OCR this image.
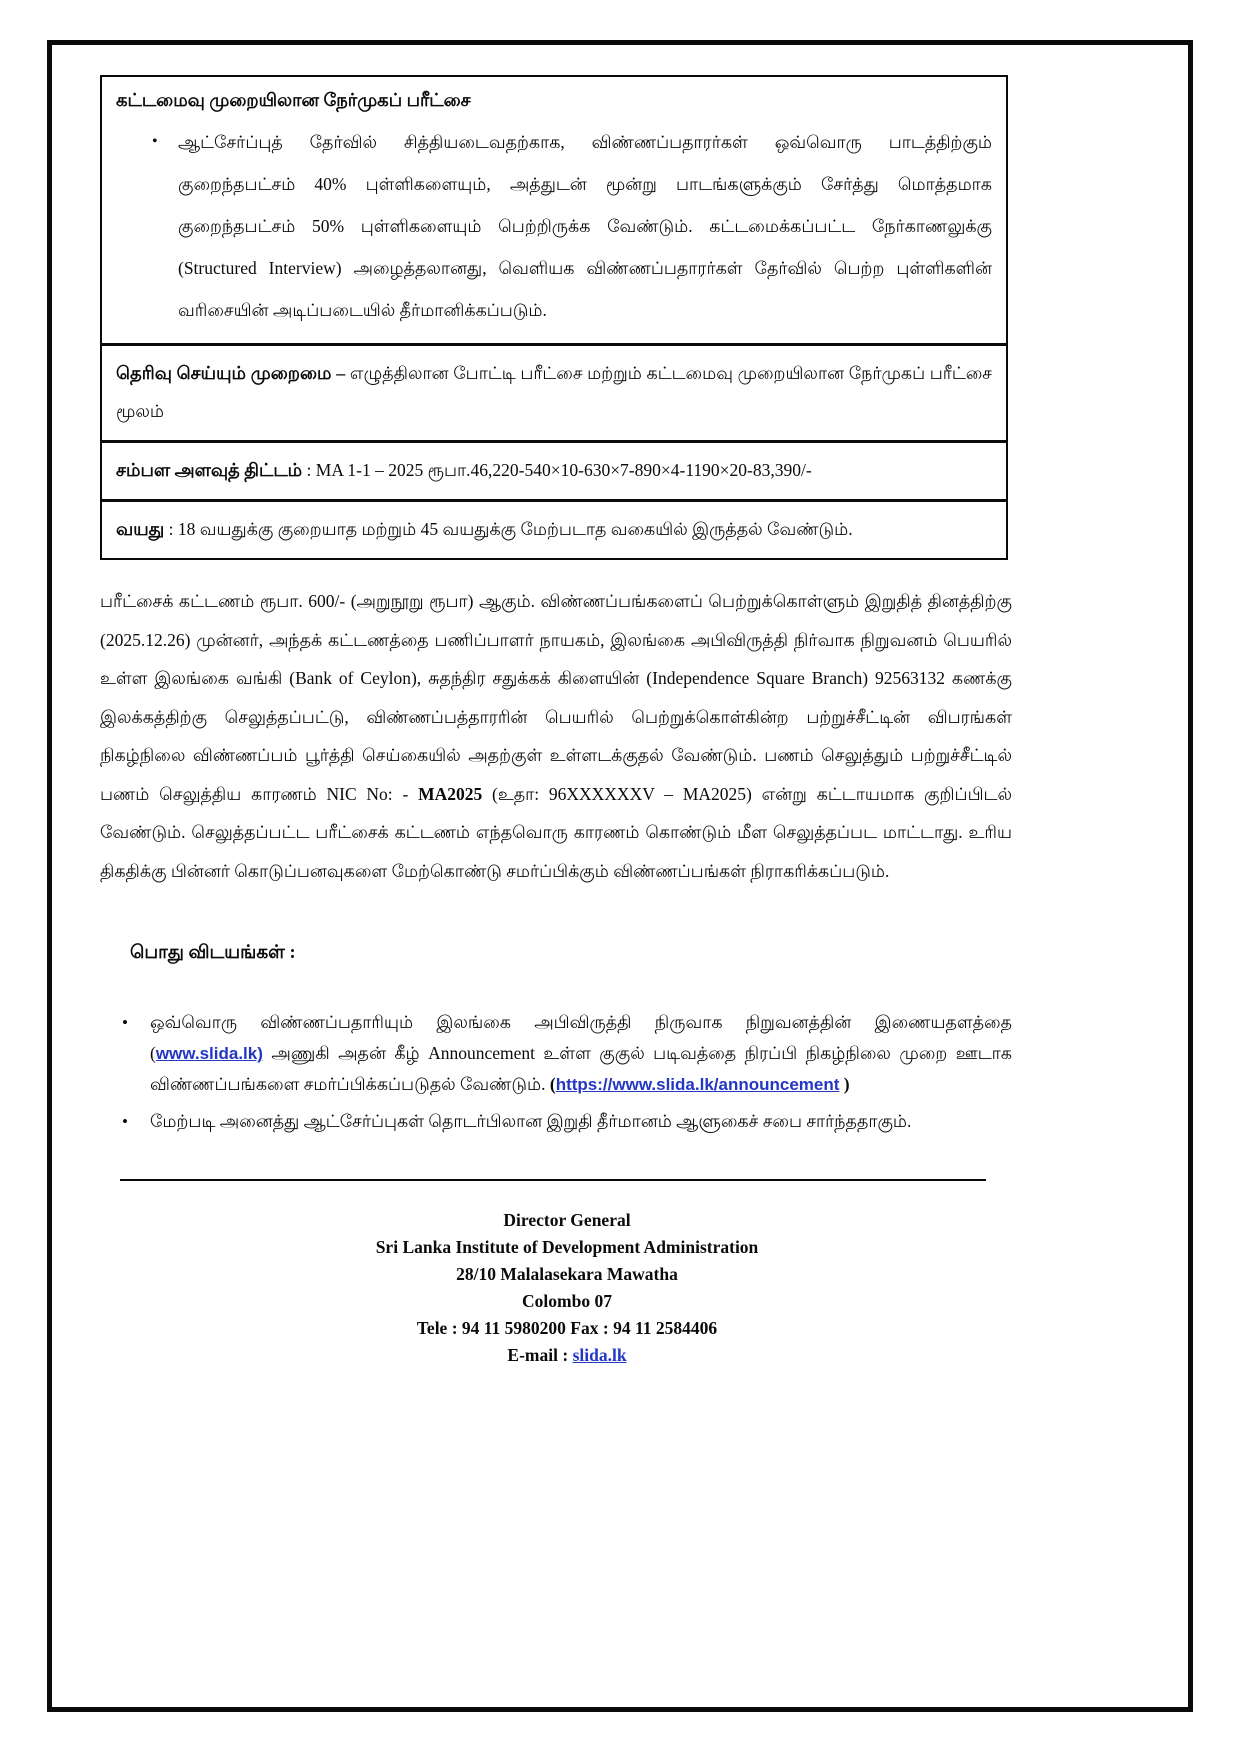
கட்டமைவு முறையிலான நேர்முகப் பரீட்சை
•	ஆட்சேர்ப்புத் தேர்வில் சித்தியடைவதற்காக, விண்ணப்பதாரர்கள் ஒவ்வொரு பாடத்திற்கும் குறைந்தபட்சம் 40% புள்ளிகளையும், அத்துடன் மூன்று பாடங்களுக்கும் சேர்த்து மொத்தமாக குறைந்தபட்சம் 50% புள்ளிகளையும் பெற்றிருக்க வேண்டும். கட்டமைக்கப்பட்ட நேர்காணலுக்கு (Structured Interview) அழைத்தலானது, வெளியக விண்ணப்பதாரர்கள் தேர்வில் பெற்ற புள்ளிகளின் வரிசையின் அடிப்படையில் தீர்மானிக்கப்படும்.
தெரிவு செய்யும் முறைமை – எழுத்திலான போட்டி பரீட்சை மற்றும் கட்டமைவு முறையிலான நேர்முகப் பரீட்சை மூலம்
சம்பள அளவுத் திட்டம் : MA 1-1 – 2025 ரூபா.46,220-540×10-630×7-890×4-1190×20-83,390/-
வயது : 18 வயதுக்கு குறையாத மற்றும் 45 வயதுக்கு மேற்படாத வகையில் இருத்தல் வேண்டும்.
பரீட்சைக் கட்டணம் ரூபா. 600/- (அறுநூறு ரூபா) ஆகும். விண்ணப்பங்களைப் பெற்றுக்கொள்ளும் இறுதித் தினத்திற்கு (2025.12.26) முன்னர், அந்தக் கட்டணத்தை பணிப்பாளர் நாயகம், இலங்கை அபிவிருத்தி நிர்வாக நிறுவனம் பெயரில் உள்ள இலங்கை வங்கி (Bank of Ceylon), சுதந்திர சதுக்கக் கிளையின் (Independence Square Branch) 92563132 கணக்கு இலக்கத்திற்கு செலுத்தப்பட்டு, விண்ணப்பத்தாரரின் பெயரில் பெற்றுக்கொள்கின்ற பற்றுச்சீட்டின் விபரங்கள் நிகழ்நிலை விண்ணப்பம் பூர்த்தி செய்கையில் அதற்குள் உள்ளடக்குதல் வேண்டும். பணம் செலுத்தும் பற்றுச்சீட்டில் பணம் செலுத்திய காரணம் NIC No: - MA2025 (உதா: 96XXXXXXV – MA2025) என்று கட்டாயமாக குறிப்பிடல் வேண்டும். செலுத்தப்பட்ட பரீட்சைக் கட்டணம் எந்தவொரு காரணம் கொண்டும் மீள செலுத்தப்பட மாட்டாது. உரிய திகதிக்கு பின்னர் கொடுப்பனவுகளை மேற்கொண்டு சமர்ப்பிக்கும் விண்ணப்பங்கள் நிராகரிக்கப்படும்.
பொது விடயங்கள் :
•	ஒவ்வொரு விண்ணப்பதாரியும் இலங்கை அபிவிருத்தி நிருவாக நிறுவனத்தின் இணையதளத்தை (www.slida.lk) அணுகி அதன் கீழ் Announcement உள்ள குகுல் படிவத்தை நிரப்பி நிகழ்நிலை முறை ஊடாக விண்ணப்பங்களை சமர்ப்பிக்கப்படுதல் வேண்டும். (https://www.slida.lk/announcement )
•	மேற்படி அனைத்து ஆட்சேர்ப்புகள் தொடர்பிலான இறுதி தீர்மானம் ஆளுகைச் சபை சார்ந்ததாகும்.
Director General
Sri Lanka Institute of Development Administration
28/10 Malalasekara Mawatha
Colombo 07
Tele : 94 11 5980200 Fax : 94 11 2584406
E-mail : slida.lk
